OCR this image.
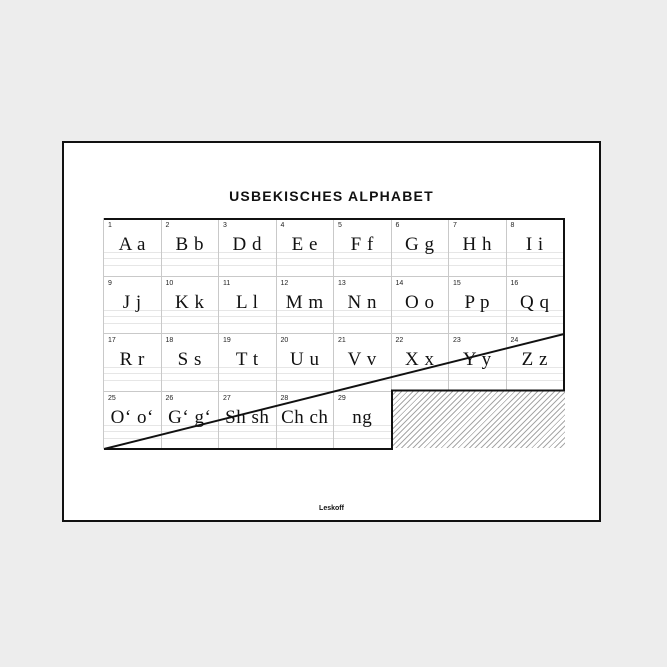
USBEKISCHES ALPHABET
1
A a
2
B b
3
D d
4
E e
5
F f
6
G g
7
H h
8
I i
9
J j
10
K k
11
L l
12
M m
13
N n
14
O o
15
P p
16
Q q
17
R r
18
S s
19
T t
20
U u
21
V v
22
X x
23
Y y
24
Z z
25
O‘ o‘
26
G‘ g‘
27
Sh sh
28
Ch ch
29
ng
Leskoff
